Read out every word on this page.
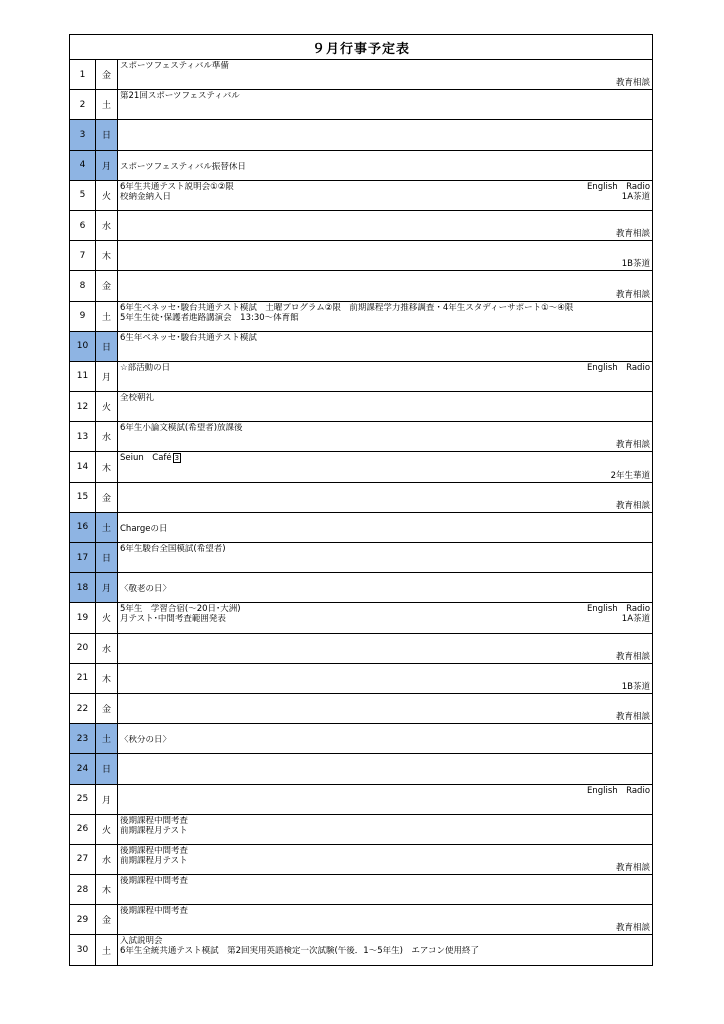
９月行事予定表		
1	金	スポーツフェスティバル準備
教育相談

2	土	第21回スポーツフェスティバル

3	日	

4	月	スポーツフェスティバル振替休日

5	火	6年生共通テスト説明会①②限
校納金納入日
English　Radio
1A茶道

6	水	教育相談

7	木	1B茶道

8	金	教育相談

9	土	6年生ベネッセ･駿台共通テスト模試　土曜プログラム②限　前期課程学力推移調査・4年生スタディーサポート①～④限
5年生生徒･保護者進路講演会　13:30～体育館

10	日	6生年ベネッセ･駿台共通テスト模試

11	月	☆部活動の日 English　Radio

12	火	全校朝礼

13	水	6年生小論文模試(希望者)放課後
教育相談

14	木	Seiun　Café 3
2年生華道

15	金	教育相談

16	土	Chargeの日

17	日	6年生駿台全国模試(希望者)

18	月	〈敬老の日〉

19	火	5年生　学習合宿(～20日･大洲)
月テスト･中間考査範囲発表
English　Radio
1A茶道

20	水	教育相談

21	木	1B茶道

22	金	教育相談

23	土	〈秋分の日〉

24	日	

25	月	English　Radio

26	火	後期課程中間考査
前期課程月テスト

27	水	後期課程中間考査
前期課程月テスト
教育相談

28	木	後期課程中間考査

29	金	後期課程中間考査
教育相談

30	土	入試説明会
6年生全統共通テスト模試　第2回実用英語検定一次試験(午後．1～5年生)　エアコン使用終了
